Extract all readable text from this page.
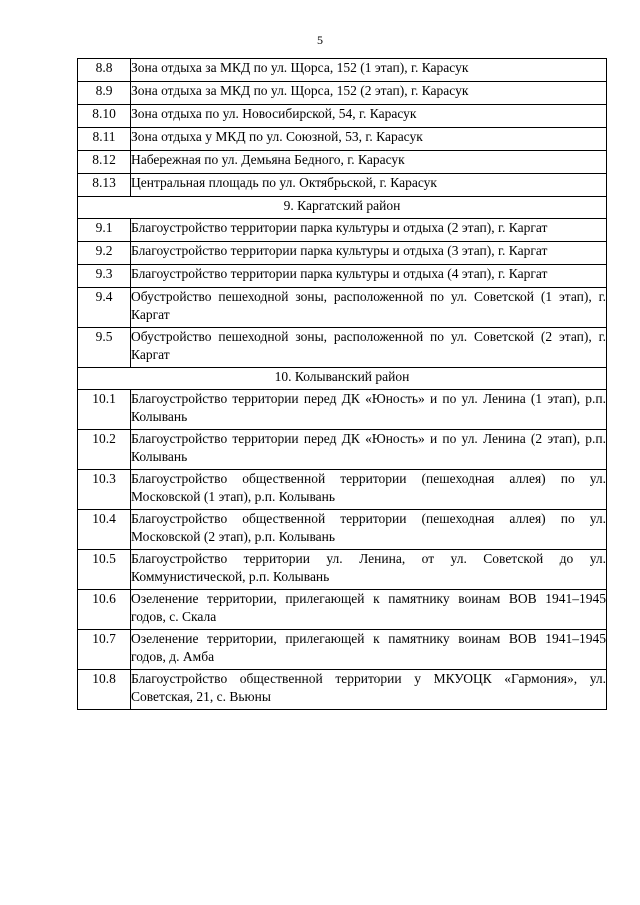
5
8.8	Зона отдыха за МКД по ул. Щорса, 152 (1 этап), г. Карасук
8.9	Зона отдыха за МКД по ул. Щорса, 152 (2 этап), г. Карасук
8.10	Зона отдыха по ул. Новосибирской, 54, г. Карасук
8.11	Зона отдыха у МКД по ул. Союзной, 53, г. Карасук
8.12	Набережная по ул. Демьяна Бедного, г. Карасук
8.13	Центральная площадь по ул. Октябрьской, г. Карасук
9. Каргатский район	
9.1	Благоустройство территории парка культуры и отдыха (2 этап), г. Каргат
9.2	Благоустройство территории парка культуры и отдыха (3 этап), г. Каргат
9.3	Благоустройство территории парка культуры и отдыха (4 этап), г. Каргат
9.4	Обустройство пешеходной зоны, расположенной по ул. Советской (1 этап), г. Каргат
9.5	Обустройство пешеходной зоны, расположенной по ул. Советской (2 этап), г. Каргат
10. Колыванский район	
10.1	Благоустройство территории перед ДК «Юность» и по ул. Ленина (1 этап), р.п. Колывань
10.2	Благоустройство территории перед ДК «Юность» и по ул. Ленина (2 этап), р.п. Колывань
10.3	Благоустройство общественной территории (пешеходная аллея) по ул. Московской (1 этап), р.п. Колывань
10.4	Благоустройство общественной территории (пешеходная аллея) по ул. Московской (2 этап), р.п. Колывань
10.5	Благоустройство территории ул. Ленина, от ул. Советской до ул. Коммунистической, р.п. Колывань
10.6	Озеленение территории, прилегающей к памятнику воинам ВОВ 1941–1945 годов, с. Скала
10.7	Озеленение территории, прилегающей к памятнику воинам ВОВ 1941–1945 годов, д. Амба
10.8	Благоустройство общественной территории у МКУОЦК «Гармония», ул. Советская, 21, с. Вьюны
